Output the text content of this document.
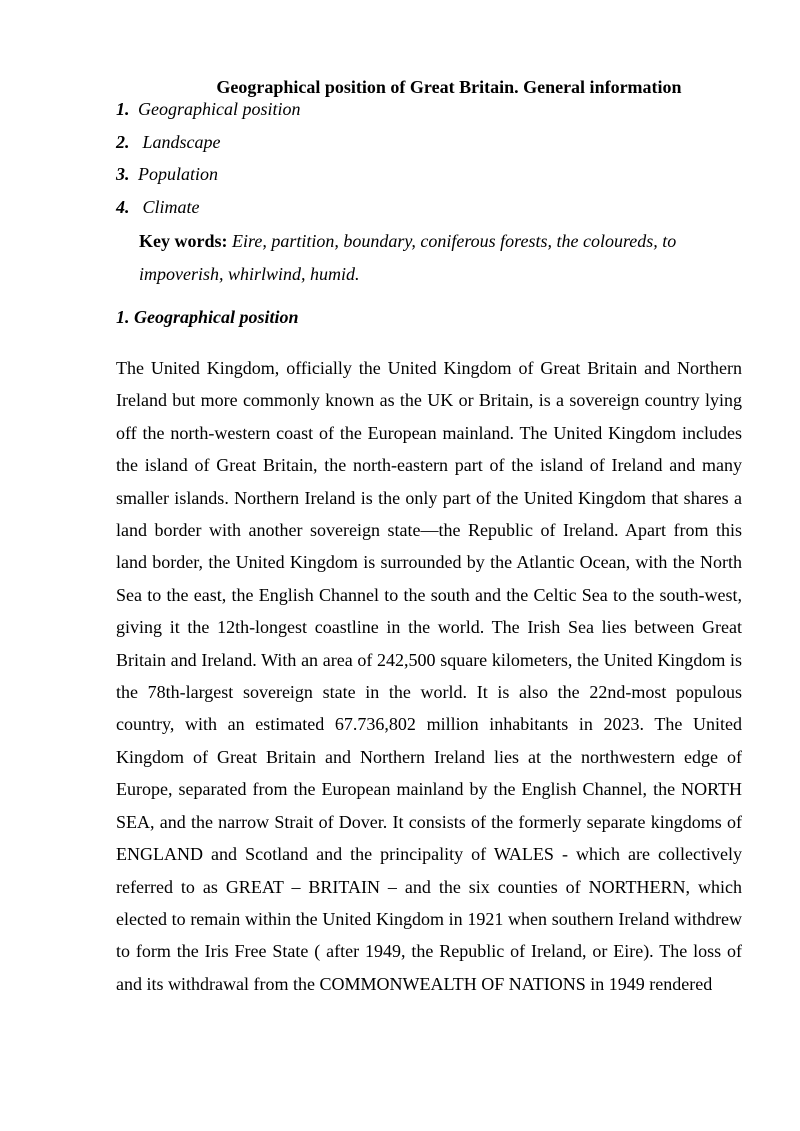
Geographical position of Great Britain. General information
1. Geographical position
2. Landscape
3. Population
4. Climate
Key words: Eire, partition, boundary, coniferous forests, the coloureds, to impoverish, whirlwind, humid.
1. Geographical position

The United Kingdom, officially the United Kingdom of Great Britain and Northern Ireland but more commonly known as the UK or Britain, is a sovereign country lying off the north-western coast of the European mainland. The United Kingdom includes the island of Great Britain, the north-eastern part of the island of Ireland and many smaller islands. Northern Ireland is the only part of the United Kingdom that shares a land border with another sovereign state—the Republic of Ireland. Apart from this land border, the United Kingdom is surrounded by the Atlantic Ocean, with the North Sea to the east, the English Channel to the south and the Celtic Sea to the south-west, giving it the 12th-longest coastline in the world. The Irish Sea lies between Great Britain and Ireland. With an area of 242,500 square kilometers, the United Kingdom is the 78th-largest sovereign state in the world. It is also the 22nd-most populous country, with an estimated 67.736,802 million inhabitants in 2023. The United Kingdom of Great Britain and Northern Ireland lies at the northwestern edge of Europe, separated from the European mainland by the English Channel, the NORTH SEA, and the narrow Strait of Dover. It consists of the formerly separate kingdoms of ENGLAND and Scotland and the principality of WALES - which are collectively referred to as GREAT – BRITAIN – and the six counties of NORTHERN, which elected to remain within the United Kingdom in 1921 when southern Ireland withdrew to form the Iris Free State ( after 1949, the Republic of Ireland, or Eire). The loss of and its withdrawal from the COMMONWEALTH OF NATIONS in 1949 rendered
